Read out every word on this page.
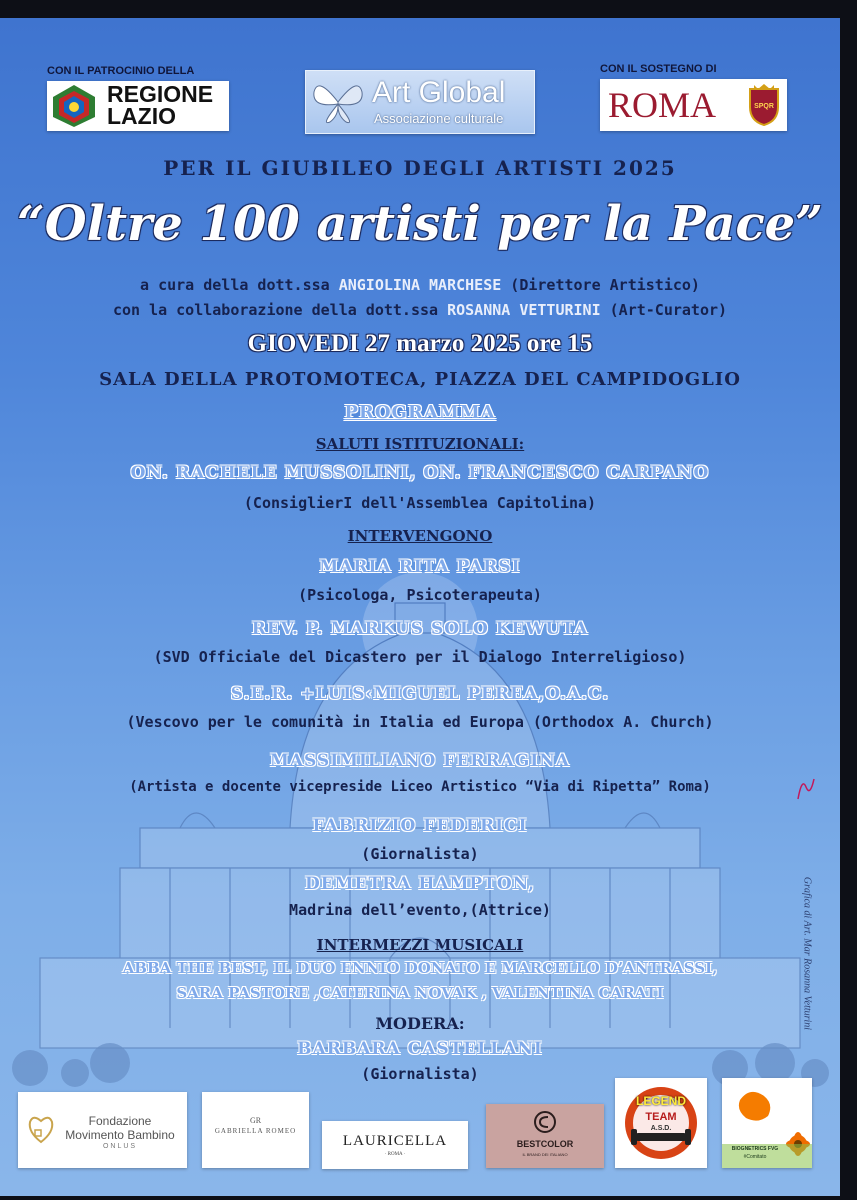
CON IL PATROCINIO DELLA
REGIONE
LAZIO
Art Global
Associazione culturale
CON IL SOSTEGNO DI
ROMA	SPQR
PER IL GIUBILEO DEGLI ARTISTI 2025
“Oltre 100 artisti per la Pace”
a cura della dott.ssa ANGIOLINA MARCHESE (Direttore Artistico)
con la collaborazione della dott.ssa ROSANNA VETTURINI (Art-Curator)
GIOVEDI 27 marzo 2025 ore 15
SALA DELLA PROTOMOTECA, PIAZZA DEL CAMPIDOGLIO
PROGRAMMA
SALUTI ISTITUZIONALI:
ON. RACHELE MUSSOLINI, ON. FRANCESCO CARPANO
(ConsiglierI dell'Assemblea Capitolina)
INTERVENGONO
MARIA RITA PARSI
(Psicologa, Psicoterapeuta)
REV. P. MARKUS SOLO KEWUTA
(SVD Officiale del Dicastero per il Dialogo Interreligioso)
S.E.R. +LUIS‹MIGUEL PEREA,O.A.C.
(Vescovo per le comunità in Italia ed Europa (Orthodox A. Church)
MASSIMILIANO FERRAGINA
(Artista e docente vicepreside Liceo Artistico “Via di Ripetta” Roma)
FABRIZIO FEDERICI
(Giornalista)
DEMETRA HAMPTON,
Madrina dell’evento,(Attrice)
INTERMEZZI MUSICALI
ABBA THE BEST, IL DUO ENNIO DONATO E MARCELLO D’ANTRASSI,
SARA PASTORE ,CATERINA NOVAK , VALENTINA CARATI
MODERA:
BARBARA CASTELLANI
(Giornalista)
Grafica di Art. Mar Rosanna Vetturini
Fondazione
Movimento Bambino
ONLUS
GR
GABRIELLA ROMEO
LAURICELLA
· ROMA ·
BESTCOLOR
IL BRAND DEI ITALIANO
LEGEND
TEAM
A.S.D.
BIOGNETRICS FVG
#Comitato
